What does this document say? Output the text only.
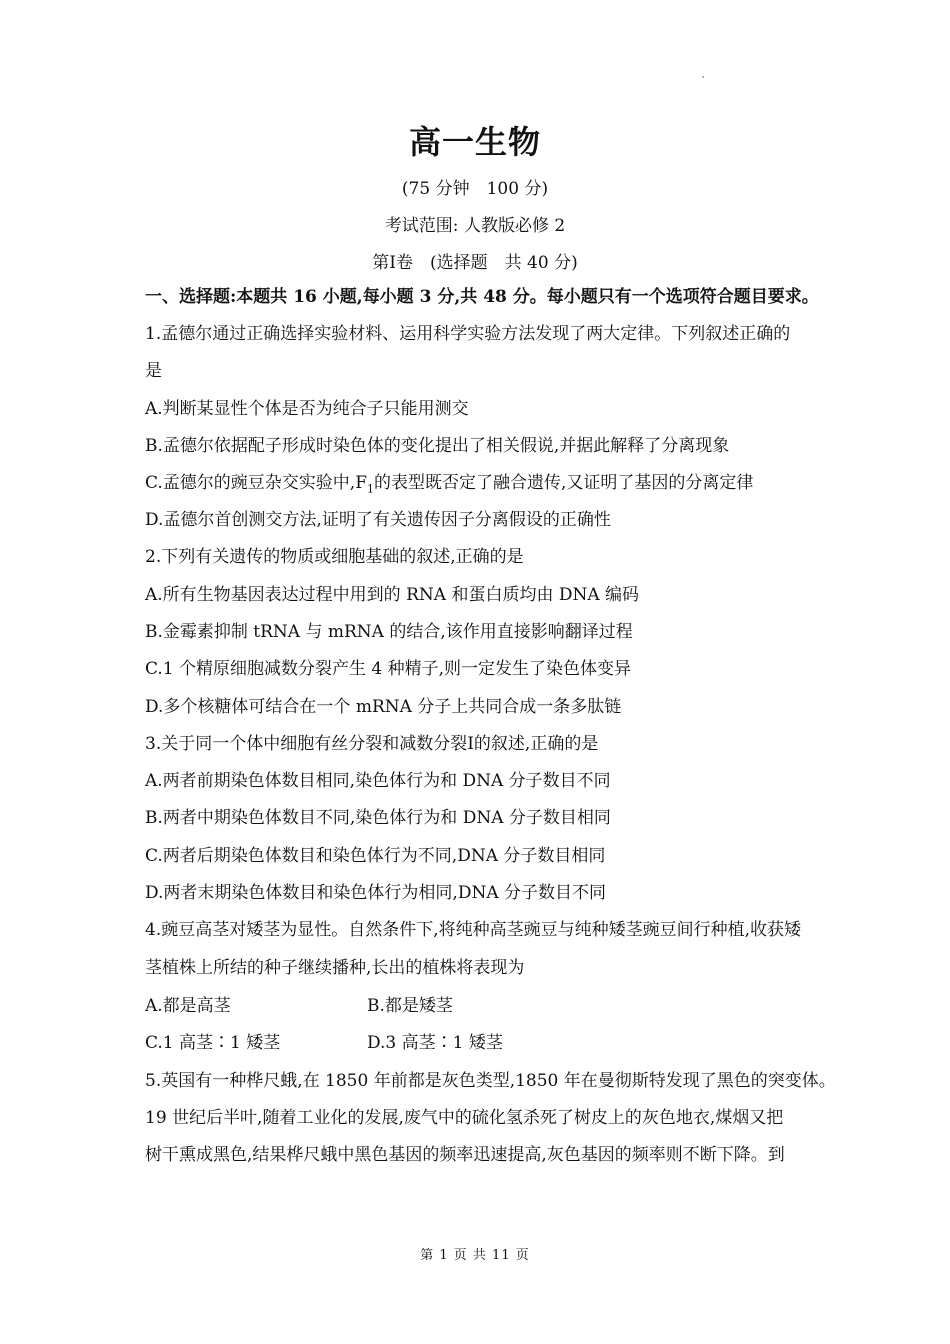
高一生物
(75 分钟　100 分)
考试范围: 人教版必修 2
第Ⅰ卷　(选择题　共 40 分)
一、选择题:本题共 16 小题,每小题 3 分,共 48 分。每小题只有一个选项符合题目要求。
1.孟德尔通过正确选择实验材料、运用科学实验方法发现了两大定律。下列叙述正确的
是
A.判断某显性个体是否为纯合子只能用测交
B.孟德尔依据配子形成时染色体的变化提出了相关假说,并据此解释了分离现象
C.孟德尔的豌豆杂交实验中$,F_1$的表型既否定了融合遗传,又证明了基因的分离定律
D.孟德尔首创测交方法,证明了有关遗传因子分离假设的正确性
2.下列有关遗传的物质或细胞基础的叙述,正确的是
A.所有生物基因表达过程中用到的 RNA 和蛋白质均由 DNA 编码
B.金霉素抑制 tRNA 与 mRNA 的结合,该作用直接影响翻译过程
C.1 个精原细胞减数分裂产生 4 种精子,则一定发生了染色体变异
D.多个核糖体可结合在一个 mRNA 分子上共同合成一条多肽链
3.关于同一个体中细胞有丝分裂和减数分裂Ⅰ的叙述,正确的是
A.两者前期染色体数目相同,染色体行为和 DNA 分子数目不同
B.两者中期染色体数目不同,染色体行为和 DNA 分子数目相同
C.两者后期染色体数目和染色体行为不同,DNA 分子数目相同
D.两者末期染色体数目和染色体行为相同,DNA 分子数目不同
4.豌豆高茎对矮茎为显性。自然条件下,将纯种高茎豌豆与纯种矮茎豌豆间行种植,收获矮
茎植株上所结的种子继续播种,长出的植株将表现为
A.都是高茎	B.都是矮茎
C.1 高茎∶1 矮茎	D.3 高茎∶1 矮茎
5.英国有一种桦尺蛾,在 1850 年前都是灰色类型,1850 年在曼彻斯特发现了黑色的突变体。
19 世纪后半叶,随着工业化的发展,废气中的硫化氢杀死了树皮上的灰色地衣,煤烟又把
树干熏成黑色,结果桦尺蛾中黑色基因的频率迅速提高,灰色基因的频率则不断下降。到
第 1 页 共 11 页
